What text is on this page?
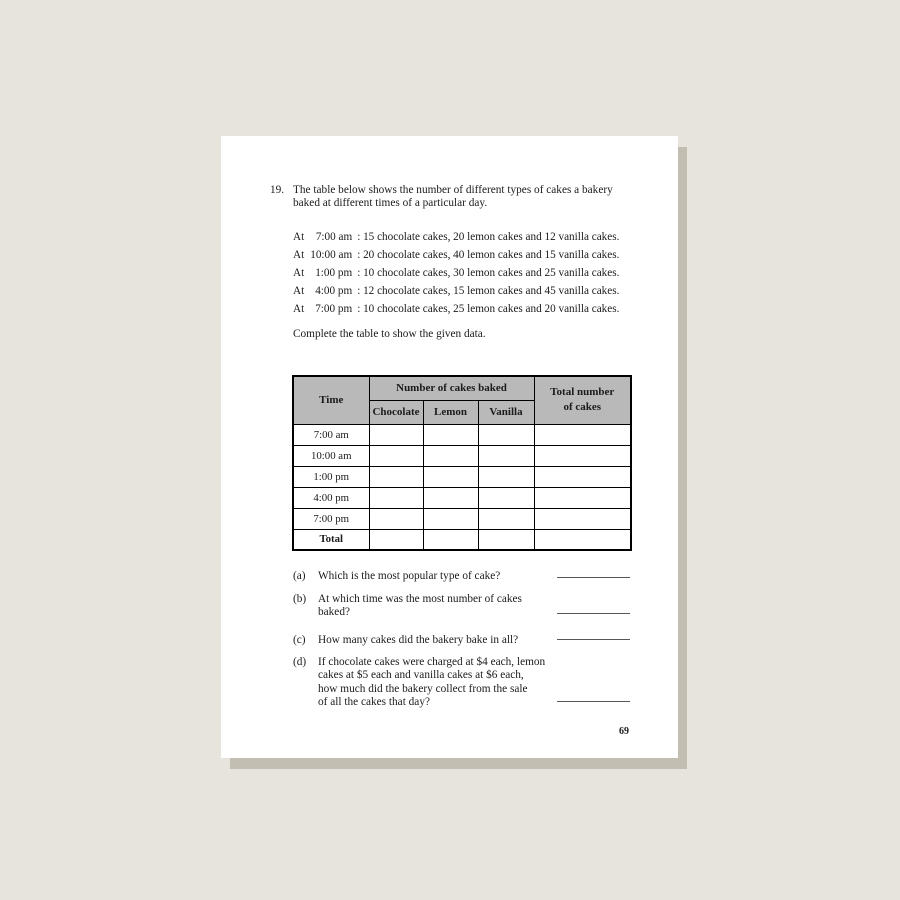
19. The table below shows the number of different types of cakes a bakery
baked at different times of a particular day.
At 7:00 am : 15 chocolate cakes, 20 lemon cakes and 12 vanilla cakes.
At 10:00 am : 20 chocolate cakes, 40 lemon cakes and 15 vanilla cakes.
At 1:00 pm : 10 chocolate cakes, 30 lemon cakes and 25 vanilla cakes.
At 4:00 pm : 12 chocolate cakes, 15 lemon cakes and 45 vanilla cakes.
At 7:00 pm : 10 chocolate cakes, 25 lemon cakes and 20 vanilla cakes.
Complete the table to show the given data.
Time	Number of cakes baked			Total number
of cakes

	Chocolate	Lemon	Vanilla	
7:00 am				
10:00 am				
1:00 pm				
4:00 pm				
7:00 pm				
Total				
(a)	Which is the most popular type of cake?
(b)	At which time was the most number of cakes
baked?
(c)	How many cakes did the bakery bake in all?
(d)	If chocolate cakes were charged at $4 each, lemon
cakes at $5 each and vanilla cakes at $6 each,
how much did the bakery collect from the sale
of all the cakes that day?
69
